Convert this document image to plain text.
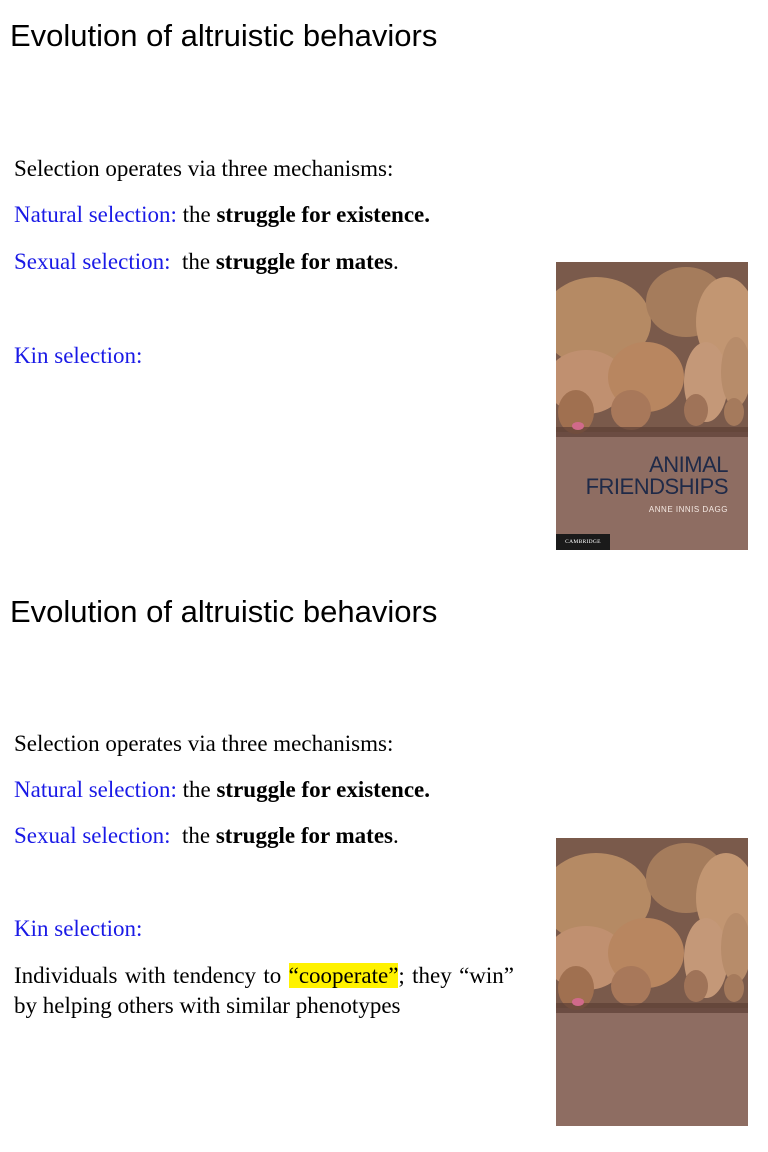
Evolution of altruistic behaviors
Selection operates via three mechanisms:
Natural selection: the struggle for existence.
Sexual selection:  the struggle for mates.
Kin selection:
ANIMAL
FRIENDSHIPS
ANNE INNIS DAGG
CAMBRIDGE
Evolution of altruistic behaviors
Selection operates via three mechanisms:
Natural selection: the struggle for existence.
Sexual selection:  the struggle for mates.
Kin selection:
Individuals with tendency to “cooperate”; they “win” by helping others with similar phenotypes
